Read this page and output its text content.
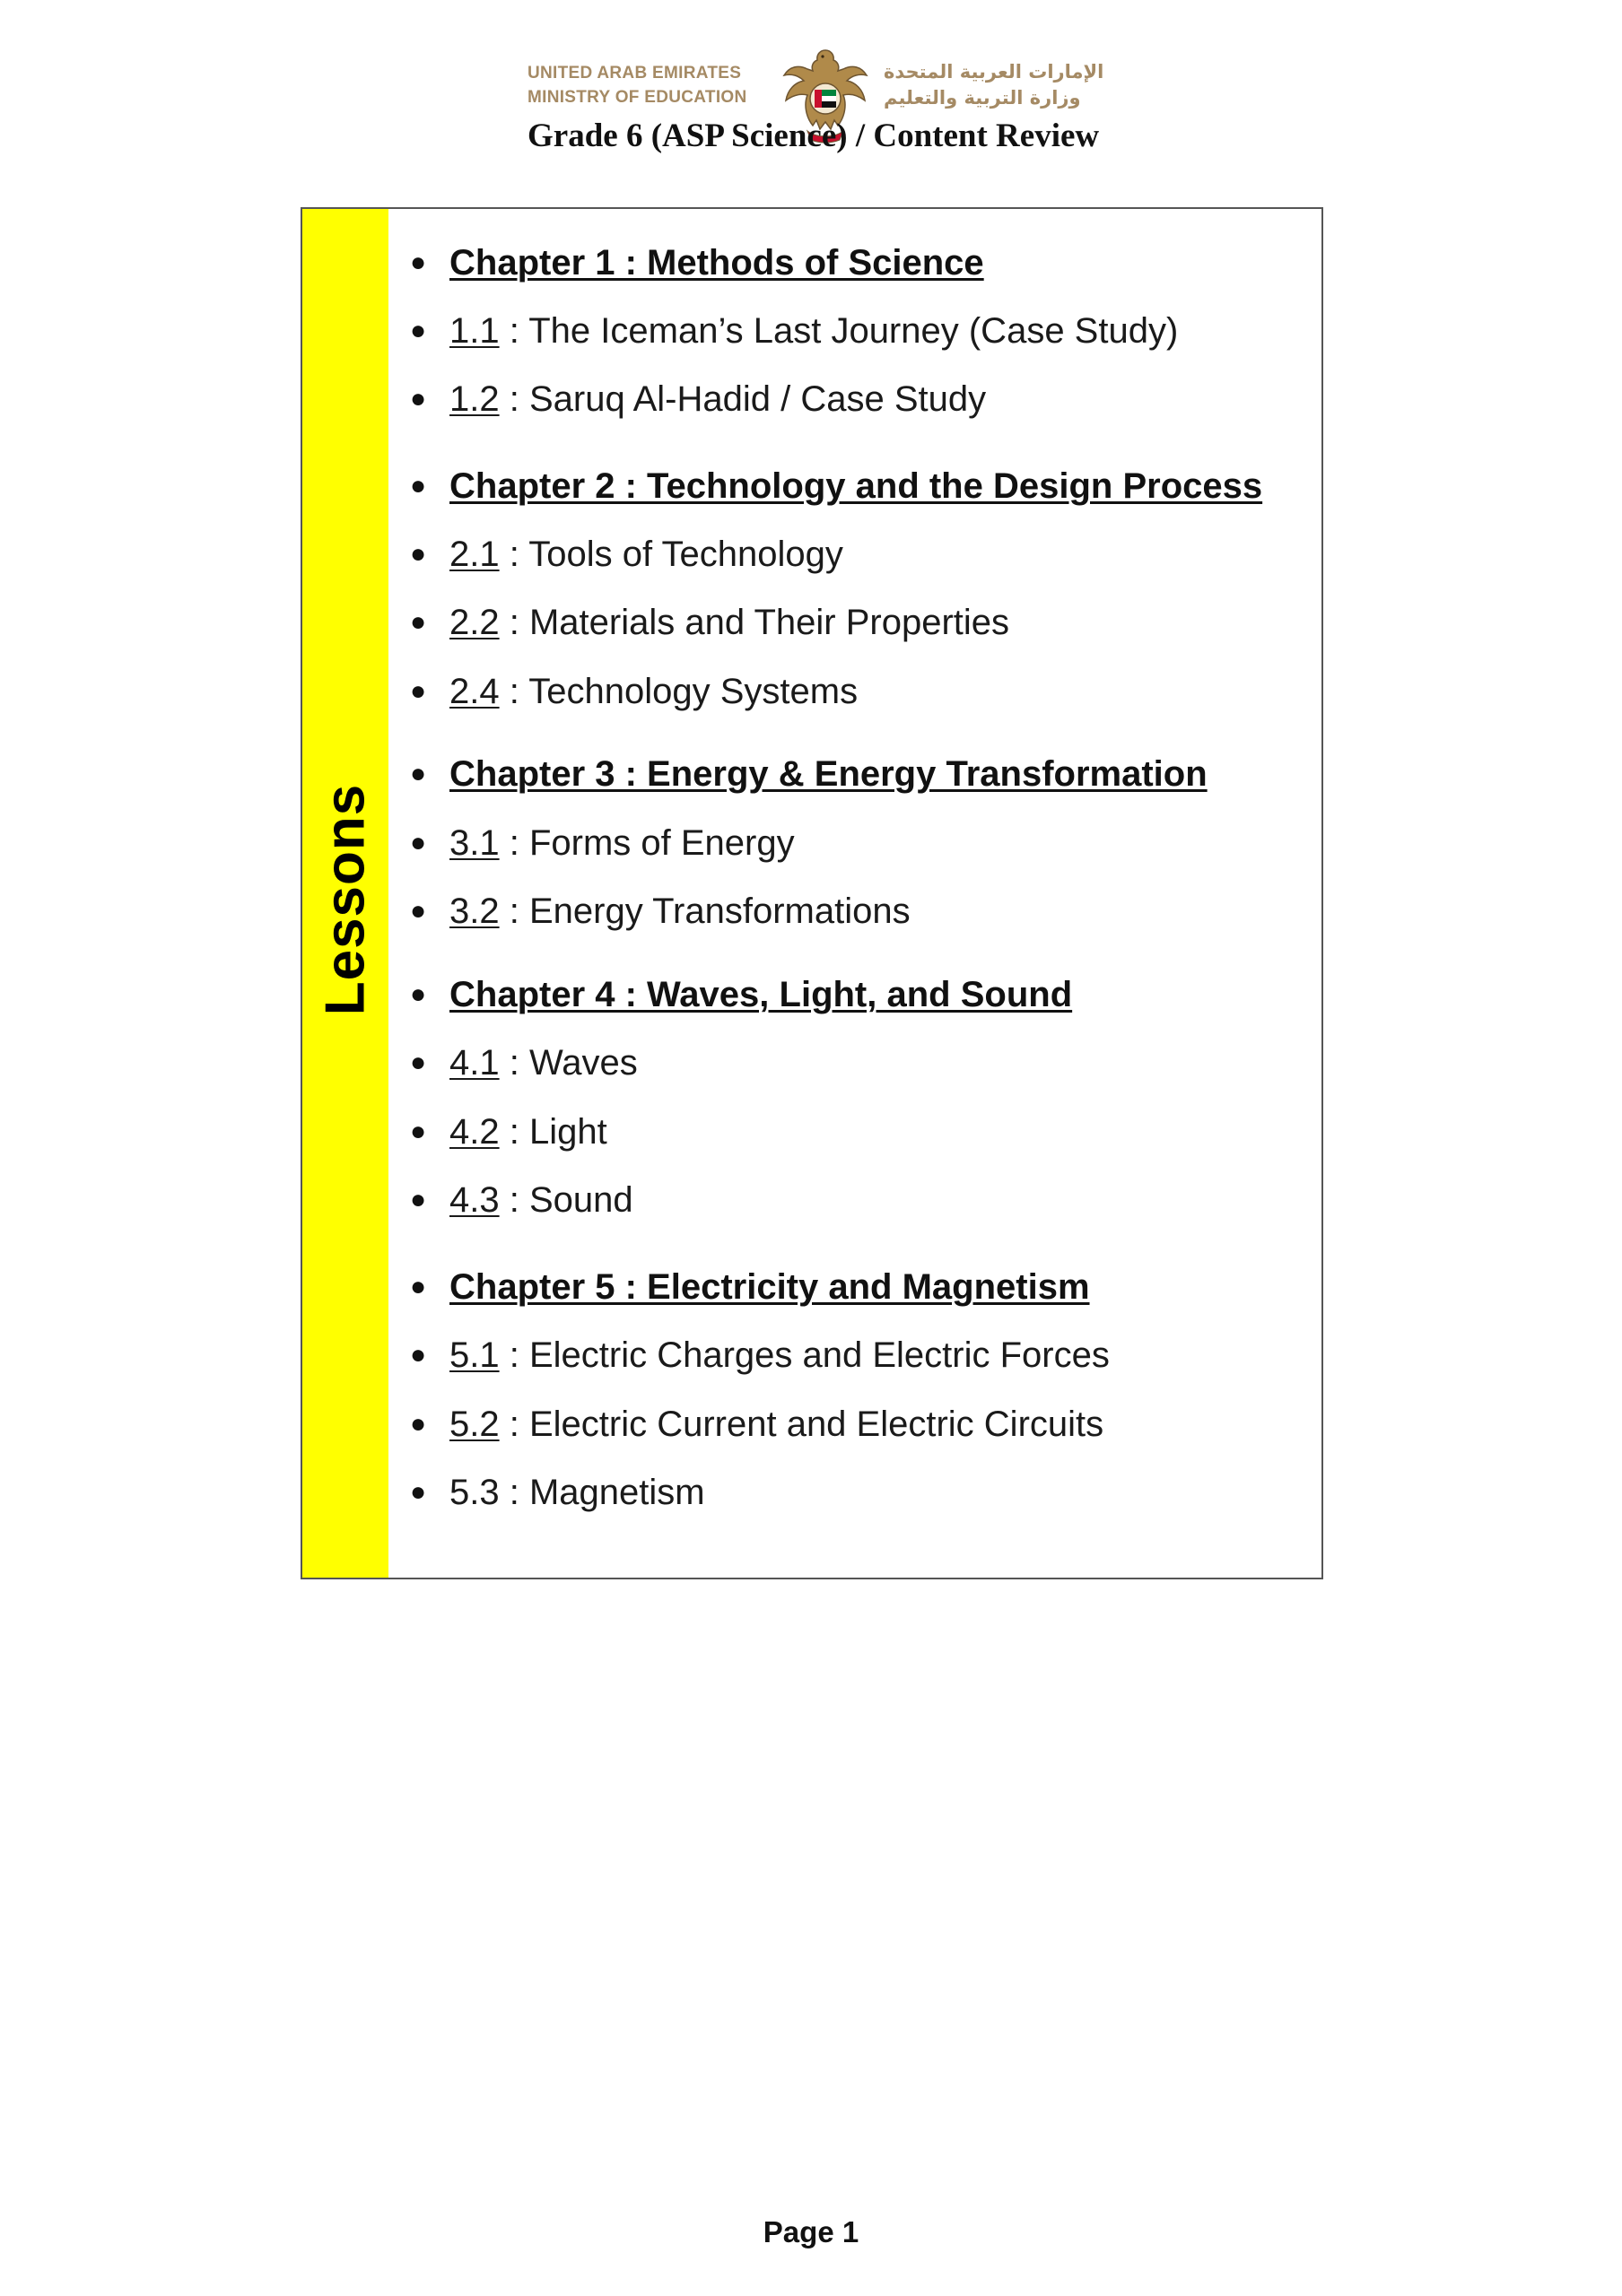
UNITED ARAB EMIRATES
MINISTRY OF EDUCATION
الإمارات العربية المتحدة
وزارة التربية والتعليم
Grade 6 (ASP Science) / Content Review
Lessons
● Chapter 1 : Methods of Science
● 1.1 : The Iceman’s Last Journey (Case Study)
● 1.2 : Saruq Al-Hadid / Case Study
● Chapter 2 : Technology and the Design Process
● 2.1 : Tools of Technology
● 2.2 : Materials and Their Properties
● 2.4 : Technology Systems
● Chapter 3 : Energy & Energy Transformation
● 3.1 : Forms of Energy
● 3.2 : Energy Transformations
● Chapter 4 : Waves, Light, and Sound
● 4.1 : Waves
● 4.2 : Light
● 4.3 : Sound
● Chapter 5 : Electricity and Magnetism
● 5.1 : Electric Charges and Electric Forces
● 5.2 : Electric Current and Electric Circuits
● 5.3 : Magnetism
Page 1
